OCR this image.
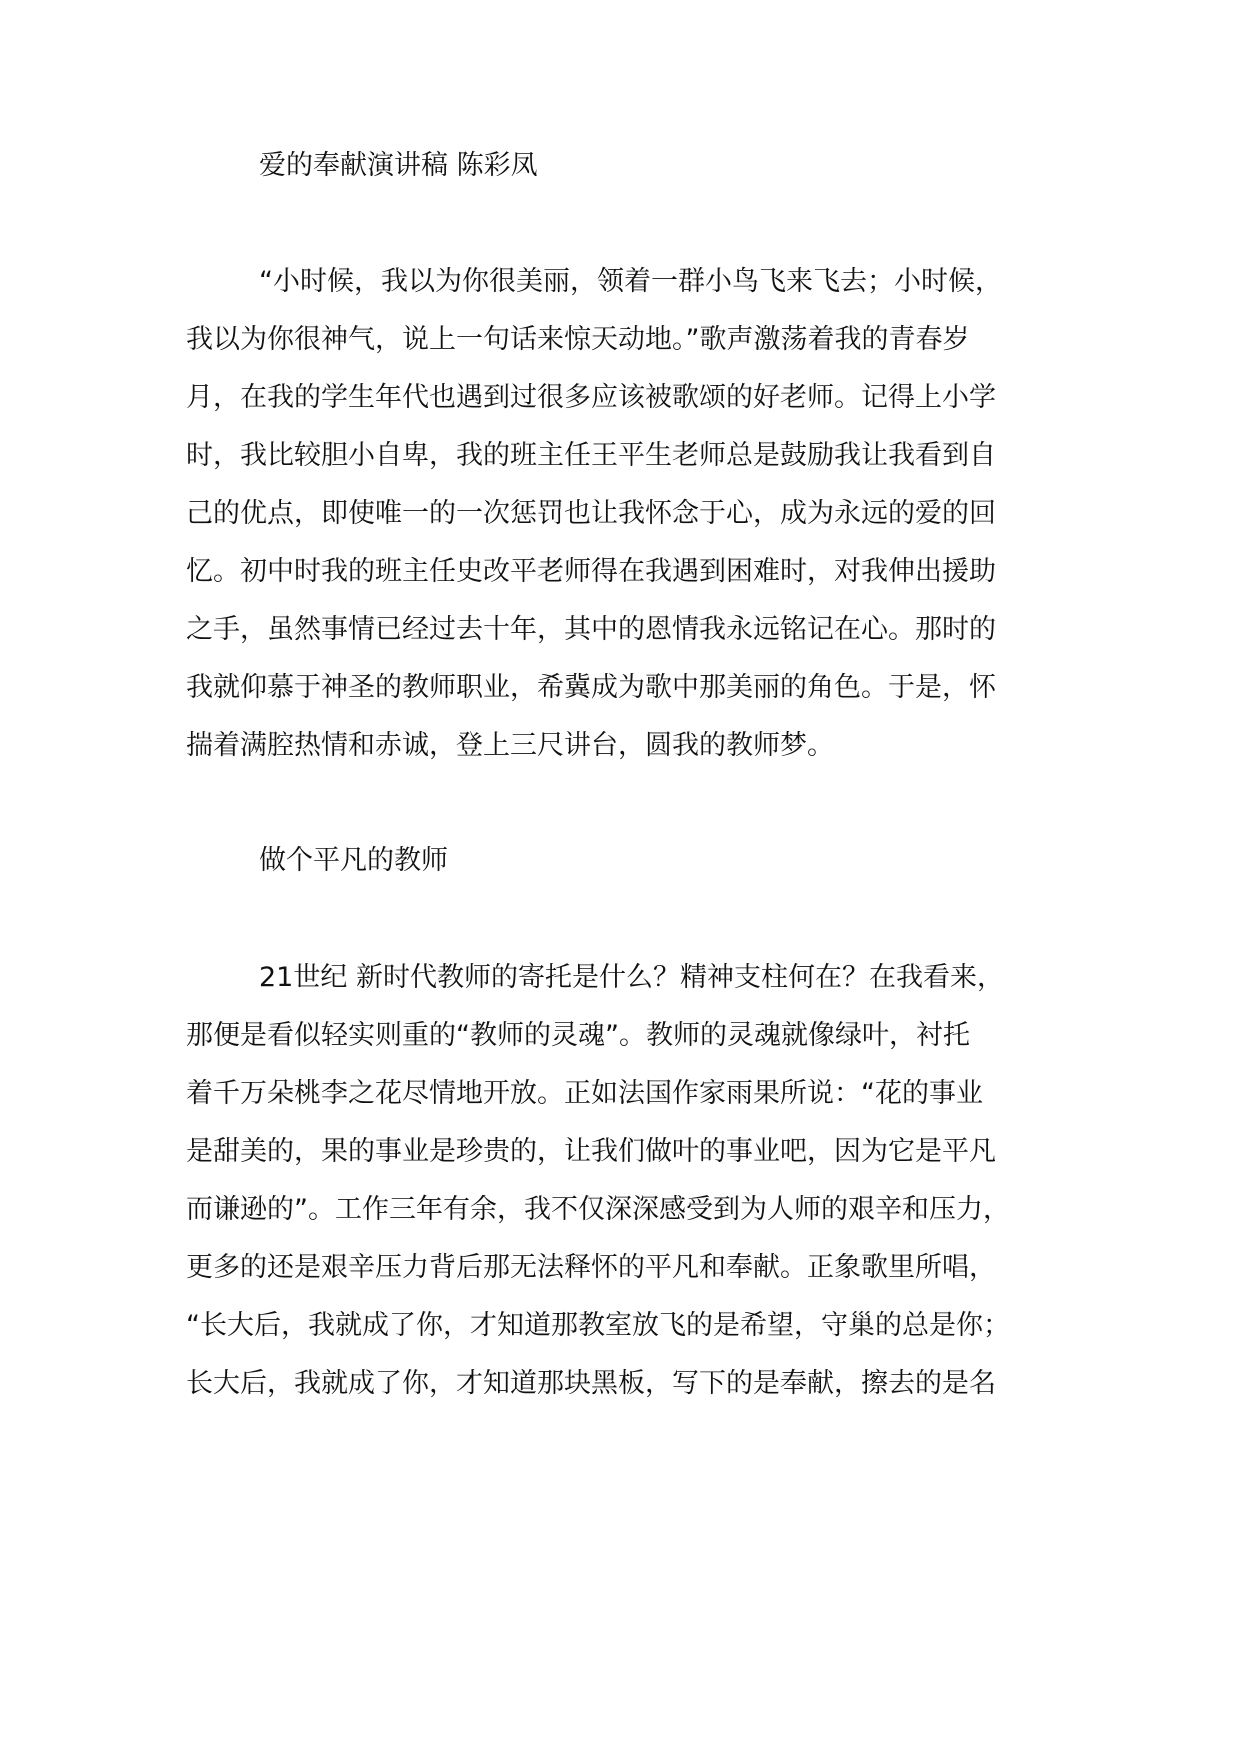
爱的奉献演讲稿 陈彩凤
“小时候，我以为你很美丽，领着一群小鸟飞来飞去；小时候，
我以为你很神气，说上一句话来惊天动地。”歌声激荡着我的青春岁
月，在我的学生年代也遇到过很多应该被歌颂的好老师。记得上小学
时，我比较胆小自卑，我的班主任王平生老师总是鼓励我让我看到自
己的优点，即使唯一的一次惩罚也让我怀念于心，成为永远的爱的回
忆。初中时我的班主任史改平老师得在我遇到困难时，对我伸出援助
之手，虽然事情已经过去十年，其中的恩情我永远铭记在心。那时的
我就仰慕于神圣的教师职业，希冀成为歌中那美丽的角色。于是，怀
揣着满腔热情和赤诚，登上三尺讲台，圆我的教师梦。
做个平凡的教师
21世纪 新时代教师的寄托是什么？精神支柱何在？在我看来，
那便是看似轻实则重的“教师的灵魂”。教师的灵魂就像绿叶，衬托
着千万朵桃李之花尽情地开放。正如法国作家雨果所说：“花的事业
是甜美的，果的事业是珍贵的，让我们做叶的事业吧，因为它是平凡
而谦逊的”。工作三年有余，我不仅深深感受到为人师的艰辛和压力，
更多的还是艰辛压力背后那无法释怀的平凡和奉献。正象歌里所唱，
“长大后，我就成了你，才知道那教室放飞的是希望，守巢的总是你；
长大后，我就成了你，才知道那块黑板，写下的是奉献，擦去的是名
